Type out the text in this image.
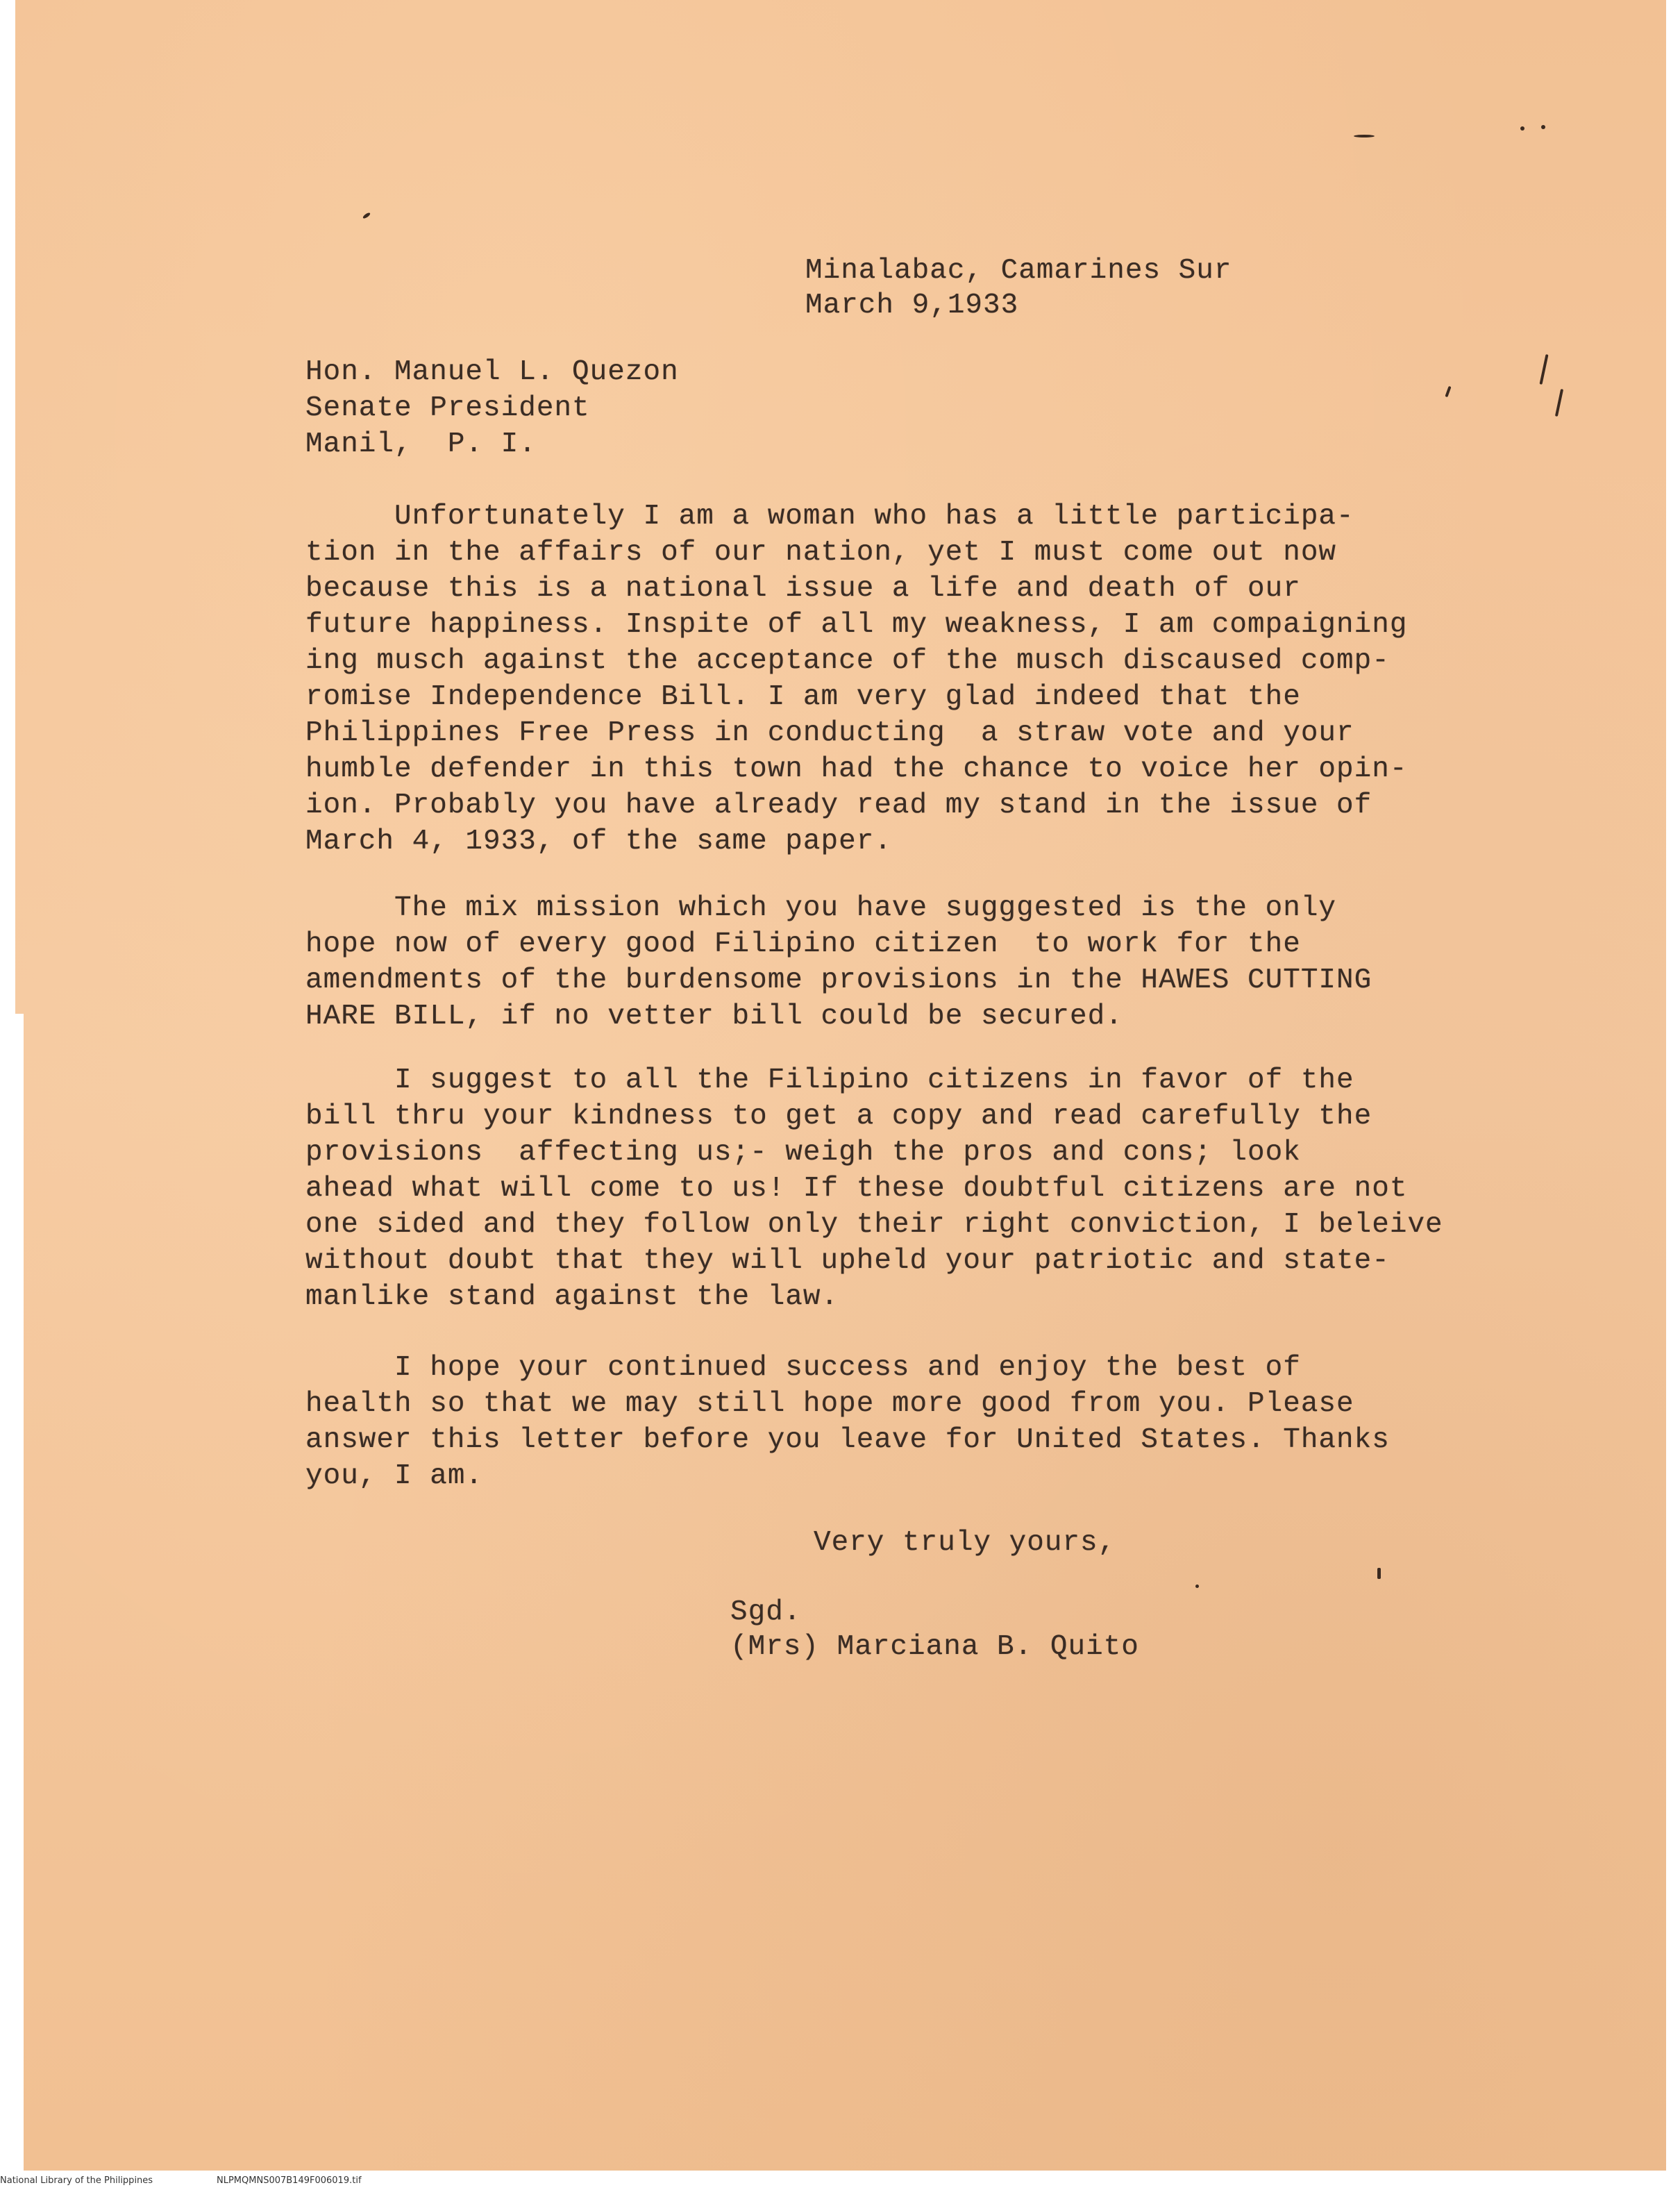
Minalabac, Camarines Sur

March 9,1933

Hon. Manuel L. Quezon

Senate President

Manil,  P. I.

Unfortunately I am a woman who has a little participa-
tion in the affairs of our nation, yet I must come out now
because this is a national issue a life and death of our
future happiness. Inspite of all my weakness, I am compaigning
ing musch against the acceptance of the musch discaused comp-
romise Independence Bill. I am very glad indeed that the
Philippines Free Press in conducting  a straw vote and your
humble defender in this town had the chance to voice her opin-
ion. Probably you have already read my stand in the issue of
March 4, 1933, of the same paper.
The mix mission which you have sugggested is the only
hope now of every good Filipino citizen  to work for the
amendments of the burdensome provisions in the HAWES CUTTING
HARE BILL, if no vetter bill could be secured.
I suggest to all the Filipino citizens in favor of the
bill thru your kindness to get a copy and read carefully the
provisions  affecting us;- weigh the pros and cons; look
ahead what will come to us! If these doubtful citizens are not
one sided and they follow only their right conviction, I beleive
without doubt that they will upheld your patriotic and state-
manlike stand against the law.
I hope your continued success and enjoy the best of
health so that we may still hope more good from you. Please
answer this letter before you leave for United States. Thanks
you, I am.

Very truly yours,

Sgd.

(Mrs) Marciana B. Quito

National Library of the Philippines	NLPMQMNS007B149F006019.tif
